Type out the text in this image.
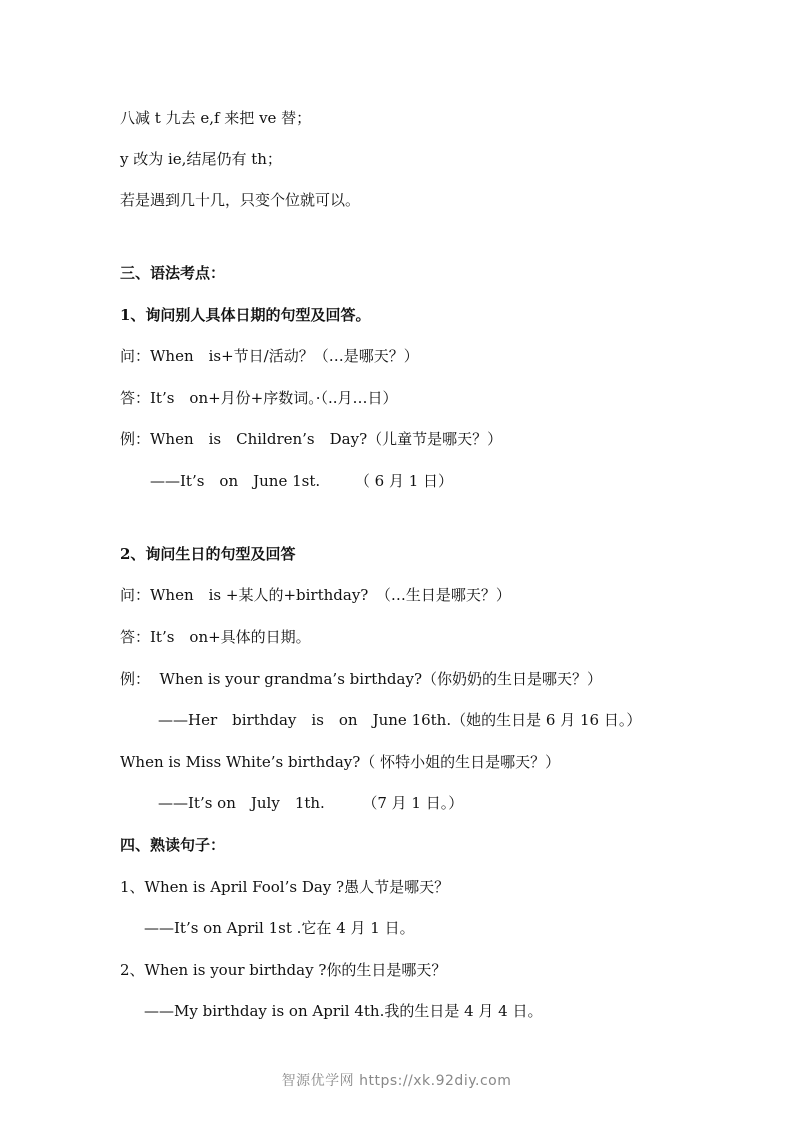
八减 t 九去 e,f 来把 ve 替；
y 改为 ie,结尾仍有 th；
若是遇到几十几，只变个位就可以。
三、语法考点：
1、询问别人具体日期的句型及回答。
问：When　is+节日/活动？（…是哪天？）
答：It’s　on+月份+序数词。·（..月…日）
例：When　is　Children’s　Day?（儿童节是哪天？）
——It’s　on　June 1st.　　 （ 6 月 1 日）
2、询问生日的句型及回答
问：When　is +某人的+birthday?　（…生日是哪天？）
答：It’s　on+具体的日期。
例：  When is your grandma’s birthday?（你奶奶的生日是哪天？）
——Her　birthday　is　on　June 16th.（她的生日是 6 月 16 日。）
When is Miss White’s birthday?（ 怀特小姐的生日是哪天？）
——It’s on　July　1th.　　　（7 月 1 日。）
四、熟读句子：
1、When is April Fool’s Day ?愚人节是哪天？
——It’s on April 1st .它在 4 月 1 日。
2、When is your birthday ?你的生日是哪天？
——My birthday is on April 4th.我的生日是 4 月 4 日。
智源优学网 https://xk.92diy.com
